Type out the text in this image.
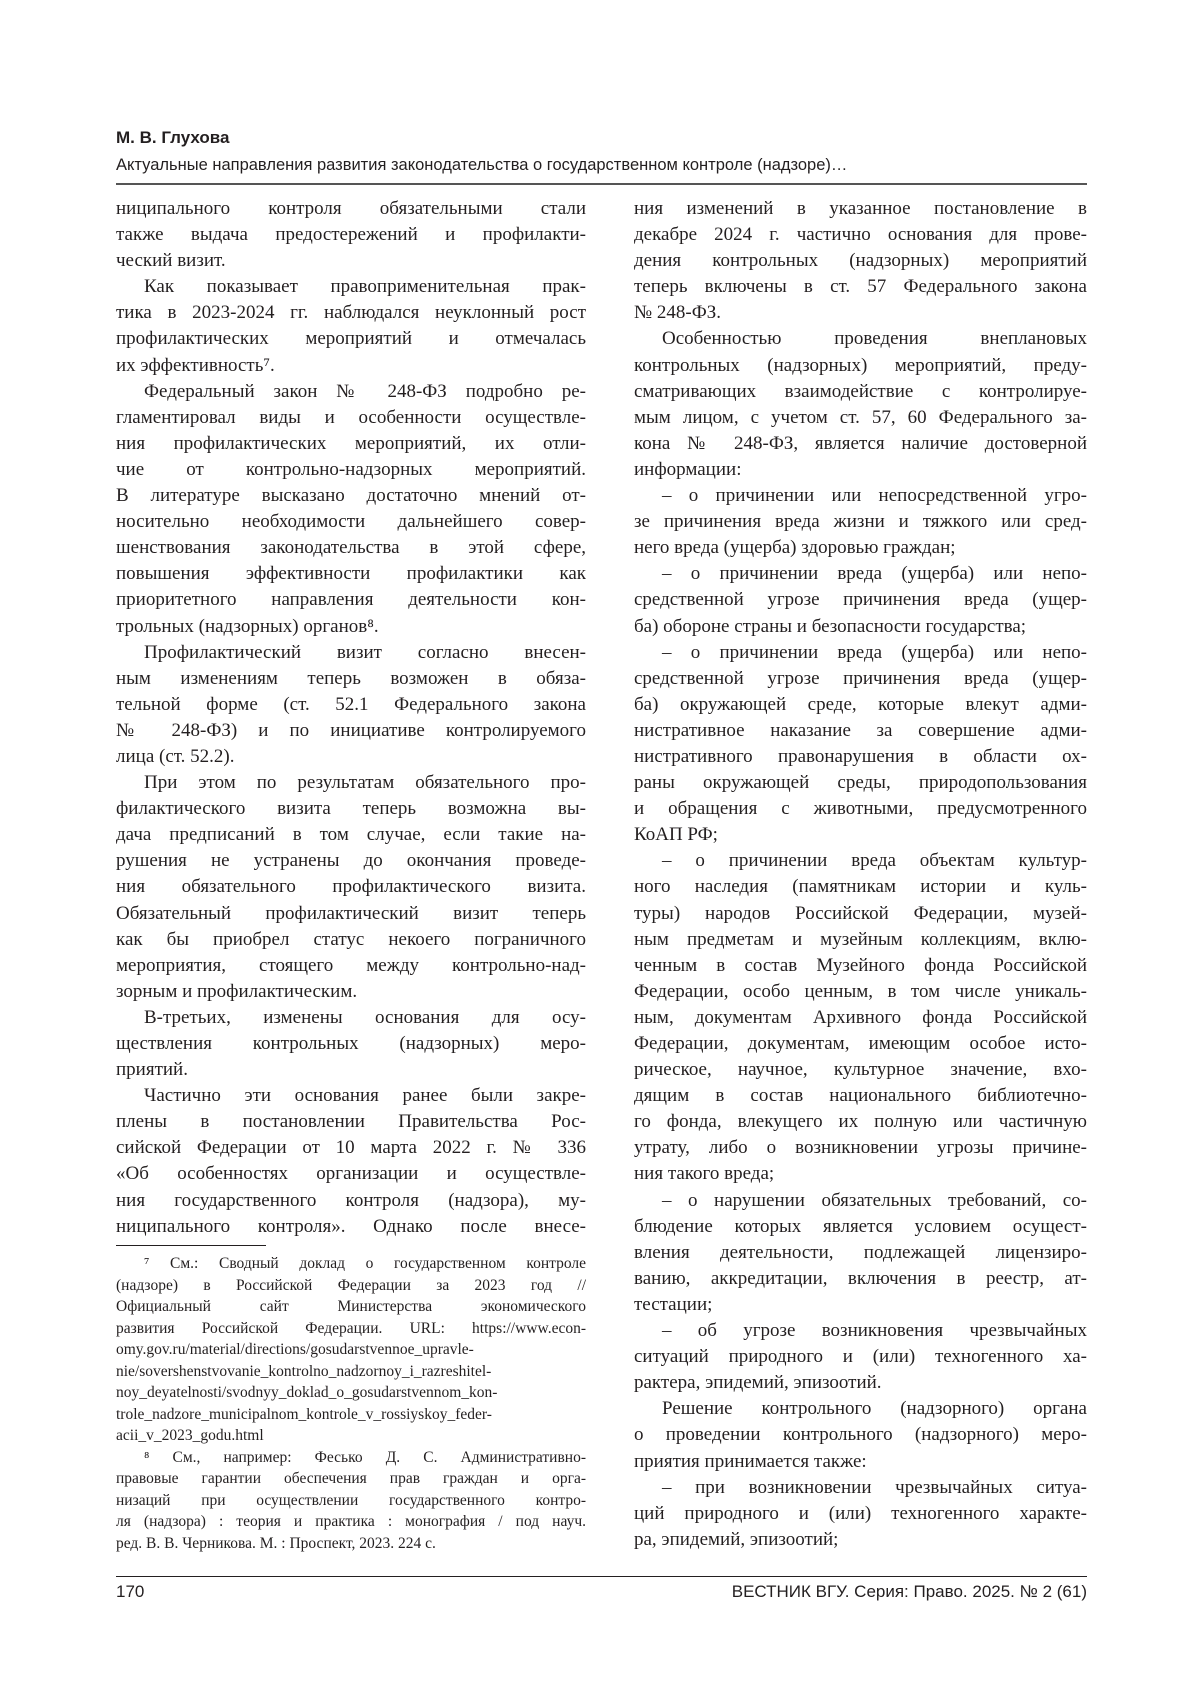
М. В. Глухова
Актуальные направления развития законодательства о государственном контроле (надзоре)…
ниципального контроля обязательными стали
также выдача предостережений и профилакти-
ческий визит.
Как показывает правоприменительная прак-
тика в 2023-2024 гг. наблюдался неуклонный рост
профилактических мероприятий и отмечалась
их эффективность⁷.
Федеральный закон № 248-ФЗ подробно ре-
гламентировал виды и особенности осуществле-
ния профилактических мероприятий, их отли-
чие от контрольно-надзорных мероприятий.
В литературе высказано достаточно мнений от-
носительно необходимости дальнейшего совер-
шенствования законодательства в этой сфере,
повышения эффективности профилактики как
приоритетного направления деятельности кон-
трольных (надзорных) органов⁸.
Профилактический визит согласно внесен-
ным изменениям теперь возможен в обяза-
тельной форме (ст. 52.1 Федерального закона
№ 248-ФЗ) и по инициативе контролируемого
лица (ст. 52.2).
При этом по результатам обязательного про-
филактического визита теперь возможна вы-
дача предписаний в том случае, если такие на-
рушения не устранены до окончания проведе-
ния обязательного профилактического визита.
Обязательный профилактический визит теперь
как бы приобрел статус некоего пограничного
мероприятия, стоящего между контрольно-над-
зорным и профилактическим.
В-третьих, изменены основания для осу-
ществления контрольных (надзорных) меро-
приятий.
Частично эти основания ранее были закре-
плены в постановлении Правительства Рос-
сийской Федерации от 10 марта 2022 г. № 336
«Об особенностях организации и осуществле-
ния государственного контроля (надзора), му-
ниципального контроля». Однако после внесе-
ния изменений в указанное постановление в
декабре 2024 г. частично основания для прове-
дения контрольных (надзорных) мероприятий
теперь включены в ст. 57 Федерального закона
№ 248-ФЗ.
Особенностью проведения внеплановых
контрольных (надзорных) мероприятий, преду-
сматривающих взаимодействие с контролируе-
мым лицом, с учетом ст. 57, 60 Федерального за-
кона № 248-ФЗ, является наличие достоверной
информации:
– о причинении или непосредственной угро-
зе причинения вреда жизни и тяжкого или сред-
него вреда (ущерба) здоровью граждан;
– о причинении вреда (ущерба) или непо-
средственной угрозе причинения вреда (ущер-
ба) обороне страны и безопасности государства;
– о причинении вреда (ущерба) или непо-
средственной угрозе причинения вреда (ущер-
ба) окружающей среде, которые влекут адми-
нистративное наказание за совершение адми-
нистративного правонарушения в области ох-
раны окружающей среды, природопользования
и обращения с животными, предусмотренного
КоАП РФ;
– о причинении вреда объектам культур-
ного наследия (памятникам истории и куль-
туры) народов Российской Федерации, музей-
ным предметам и музейным коллекциям, вклю-
ченным в состав Музейного фонда Российской
Федерации, особо ценным, в том числе уникаль-
ным, документам Архивного фонда Российской
Федерации, документам, имеющим особое исто-
рическое, научное, культурное значение, вхо-
дящим в состав национального библиотечно-
го фонда, влекущего их полную или частичную
утрату, либо о возникновении угрозы причине-
ния такого вреда;
– о нарушении обязательных требований, со-
блюдение которых является условием осущест-
вления деятельности, подлежащей лицензиро-
ванию, аккредитации, включения в реестр, ат-
тестации;
– об угрозе возникновения чрезвычайных
ситуаций природного и (или) техногенного ха-
рактера, эпидемий, эпизоотий.
Решение контрольного (надзорного) органа
о проведении контрольного (надзорного) меро-
приятия принимается также:
– при возникновении чрезвычайных ситуа-
ций природного и (или) техногенного характе-
ра, эпидемий, эпизоотий;
⁷ См.: Сводный доклад о государственном контроле
(надзоре) в Российской Федерации за 2023 год //
Официальный сайт Министерства экономического
развития Российской Федерации. URL: https://www.econ-
omy.gov.ru/material/directions/gosudarstvennoe_upravle-
nie/sovershenstvovanie_kontrolno_nadzornoy_i_razreshitel-
noy_deyatelnosti/svodnyy_doklad_o_gosudarstvennom_kon-
trole_nadzore_municipalnom_kontrole_v_rossiyskoy_feder-
acii_v_2023_godu.html
⁸ См., например: Фесько Д. С. Административно-
правовые гарантии обеспечения прав граждан и орга-
низаций при осуществлении государственного контро-
ля (надзора) : теория и практика : монография / под науч.
ред. В. В. Черникова. М. : Проспект, 2023. 224 с.
170	ВЕСТНИК ВГУ. Серия: Право. 2025. № 2 (61)
